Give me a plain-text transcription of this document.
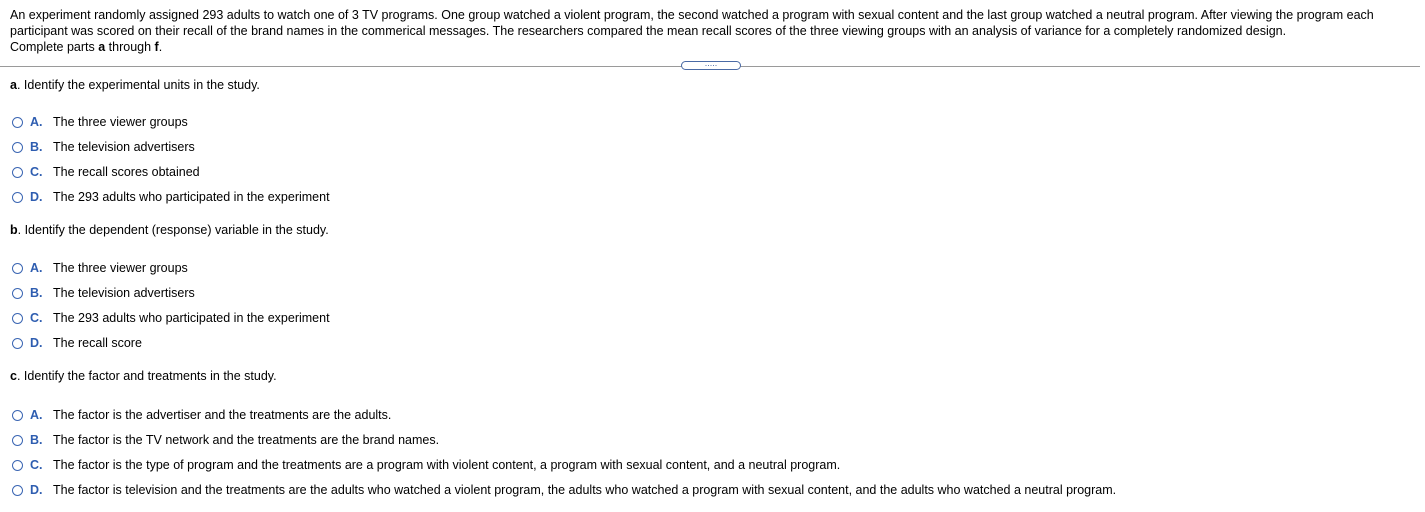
An experiment randomly assigned 293 adults to watch one of 3 TV programs. One group watched a violent program, the second watched a program with sexual content and the last group watched a neutral program. After viewing the program each participant was scored on their recall of the brand names in the commerical messages. The researchers compared the mean recall scores of the three viewing groups with an analysis of variance for a completely randomized design.
Complete parts a through f.
.....
a. Identify the experimental units in the study.
A. The three viewer groups
B. The television advertisers
C. The recall scores obtained
D. The 293 adults who participated in the experiment
b. Identify the dependent (response) variable in the study.
A. The three viewer groups
B. The television advertisers
C. The 293 adults who participated in the experiment
D. The recall score
c. Identify the factor and treatments in the study.
A. The factor is the advertiser and the treatments are the adults.
B. The factor is the TV network and the treatments are the brand names.
C. The factor is the type of program and the treatments are a program with violent content, a program with sexual content, and a neutral program.
D. The factor is television and the treatments are the adults who watched a violent program, the adults who watched a program with sexual content, and the adults who watched a neutral program.
